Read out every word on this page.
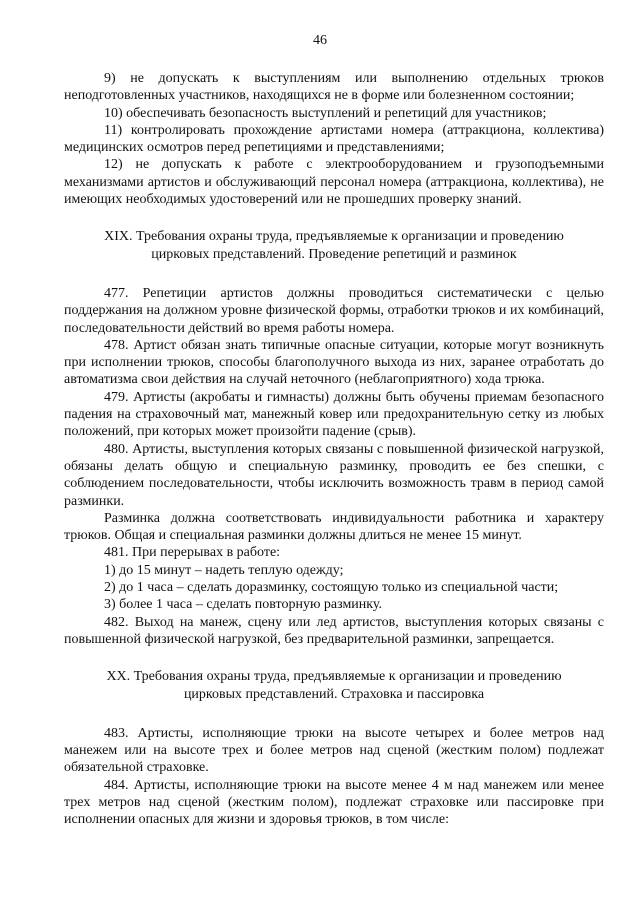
46

9) не допускать к выступлениям или выполнению отдельных трюков неподготовленных участников, находящихся не в форме или болезненном состоянии;

10) обеспечивать безопасность выступлений и репетиций для участников;

11) контролировать прохождение артистами номера (аттракциона, коллектива) медицинских осмотров перед репетициями и представлениями;

12) не допускать к работе с электрооборудованием и грузоподъемными механизмами артистов и обслуживающий персонал номера (аттракциона, коллектива), не имеющих необходимых удостоверений или не прошедших проверку знаний.

XIX. Требования охраны труда, предъявляемые к организации и проведению цирковых представлений. Проведение репетиций и разминок

477. Репетиции артистов должны проводиться систематически с целью поддержания на должном уровне физической формы, отработки трюков и их комбинаций, последовательности действий во время работы номера.

478. Артист обязан знать типичные опасные ситуации, которые могут возникнуть при исполнении трюков, способы благополучного выхода из них, заранее отработать до автоматизма свои действия на случай неточного (неблагоприятного) хода трюка.

479. Артисты (акробаты и гимнасты) должны быть обучены приемам безопасного падения на страховочный мат, манежный ковер или предохранительную сетку из любых положений, при которых может произойти падение (срыв).

480. Артисты, выступления которых связаны с повышенной физической нагрузкой, обязаны делать общую и специальную разминку, проводить ее без спешки, с соблюдением последовательности, чтобы исключить возможность травм в период самой разминки.

Разминка должна соответствовать индивидуальности работника и характеру трюков. Общая и специальная разминки должны длиться не менее 15 минут.

481. При перерывах в работе:

1) до 15 минут – надеть теплую одежду;

2) до 1 часа – сделать доразминку, состоящую только из специальной части;

3) более 1 часа – сделать повторную разминку.

482. Выход на манеж, сцену или лед артистов, выступления которых связаны с повышенной физической нагрузкой, без предварительной разминки, запрещается.

XX. Требования охраны труда, предъявляемые к организации и проведению цирковых представлений. Страховка и пассировка

483. Артисты, исполняющие трюки на высоте четырех и более метров над манежем или на высоте трех и более метров над сценой (жестким полом) подлежат обязательной страховке.

484. Артисты, исполняющие трюки на высоте менее 4 м над манежем или менее трех метров над сценой (жестким полом), подлежат страховке или пассировке при исполнении опасных для жизни и здоровья трюков, в том числе:
